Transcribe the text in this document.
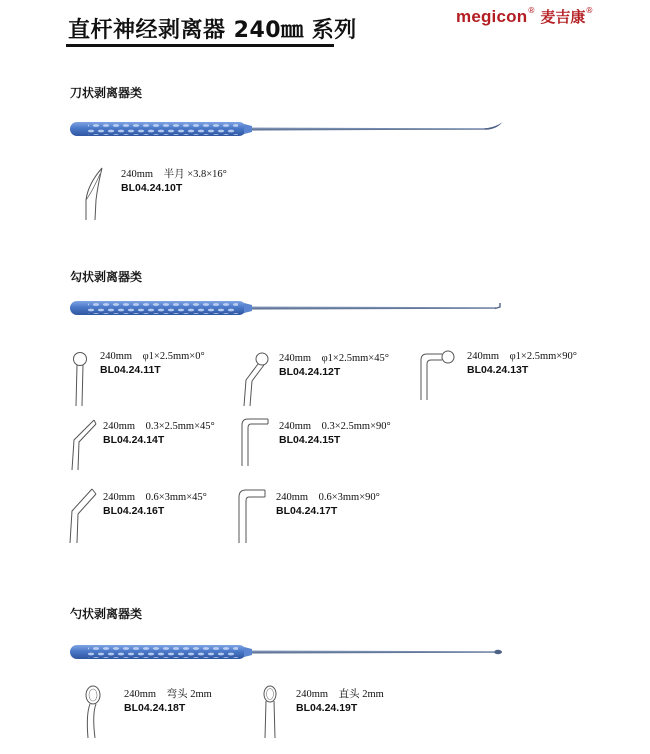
直杆神经剥离器 240㎜ 系列
megicon® 麦吉康®
刀状剥离器类
240mm　半月 ×3.8×16°
BL04.24.10T
勾状剥离器类
240mm　φ1×2.5mm×0°
BL04.24.11T
240mm　φ1×2.5mm×45°
BL04.24.12T
240mm　φ1×2.5mm×90°
BL04.24.13T
240mm　0.3×2.5mm×45°
BL04.24.14T
240mm　0.3×2.5mm×90°
BL04.24.15T
240mm　0.6×3mm×45°
BL04.24.16T
240mm　0.6×3mm×90°
BL04.24.17T
勺状剥离器类
240mm　弯头 2mm
BL04.24.18T
240mm　直头 2mm
BL04.24.19T
